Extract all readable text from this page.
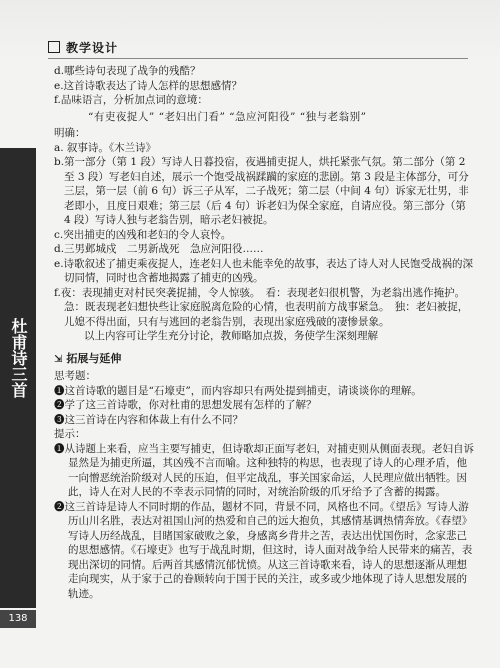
教学设计
杜甫诗三首
138

d.哪些诗句表现了战争的残酷？

e.这首诗歌表达了诗人怎样的思想感情？

f.品味语言，分析加点词的意境：

“有吏夜捉人” “老妇出门看” “急应河阳役” “独与老翁别”

明确：

a. 叙事诗。《木兰诗》

b.第一部分（第 1 段）写诗人日暮投宿，夜遇捕吏捉人，烘托紧张气氛。第二部分（第 2 至 3 段）写老妇自述，展示一个饱受战祸蹂躏的家庭的悲剧。第 3 段是主体部分，可分三层，第一层（前 6 句）诉三子从军，二子战死；第二层（中间 4 句）诉家无壮男，非老即小，且度日艰难；第三层（后 4 句）诉老妇为保全家庭，自请应役。第三部分（第 4 段）写诗人独与老翁告别，暗示老妇被捉。

c.突出捕吏的凶残和老妇的令人哀怜。

d.三男邺城戍　二男新战死　急应河阳役……

e.诗歌叙述了捕吏乘夜捉人，连老妇人也未能幸免的故事，表达了诗人对人民饱受战祸的深切同情，同时也含蓄地揭露了捕吏的凶残。

f.夜：表现捕吏对村民突袭捉捕，令人惊骇。　看：表现老妇很机警，为老翁出逃作掩护。急：既表现老妇想快些让家庭脱离危险的心情，也表明前方战事紧急。　独：老妇被捉，儿媳不得出面，只有与逃回的老翁告别，表现出家庭残破的凄惨景象。

以上内容可让学生充分讨论，教师略加点拨，务使学生深刻理解

⇲ 拓展与延伸

思考题：

❶这首诗歌的题目是“石壕吏”，而内容却只有两处提到捕吏，请谈谈你的理解。

❷学了这三首诗歌，你对杜甫的思想发展有怎样的了解？

❸这三首诗在内容和体裁上有什么不同？

提示：

❶从诗题上来看，应当主要写捕吏，但诗歌却正面写老妇，对捕吏则从侧面表现。老妇自诉显然是为捕吏所逼，其凶残不言而喻。这种独特的构思，也表现了诗人的心理矛盾，他一向憎恶统治阶级对人民的压迫，但平定战乱，事关国家命运，人民理应做出牺牲。因此，诗人在对人民的不幸表示同情的同时，对统治阶级的爪牙给予了含蓄的揭露。

❷这三首诗是诗人不同时期的作品，题材不同，背景不同，风格也不同。《望岳》写诗人游历山川名胜，表达对祖国山河的热爱和自己的远大抱负，其感情基调热情奔放。《春望》写诗人历经战乱，目睹国家破败之象，身感离乡背井之苦，表达出忧国伤时，念家悲己的思想感情。《石壕吏》也写于战乱时期，但这时，诗人面对战争给人民带来的痛苦，表现出深切的同情。后两首其感情沉郁忧愤。从这三首诗歌来看，诗人的思想逐渐从理想走向现实，从于家于己的眷顾转向于国于民的关注，或多或少地体现了诗人思想发展的轨迹。
